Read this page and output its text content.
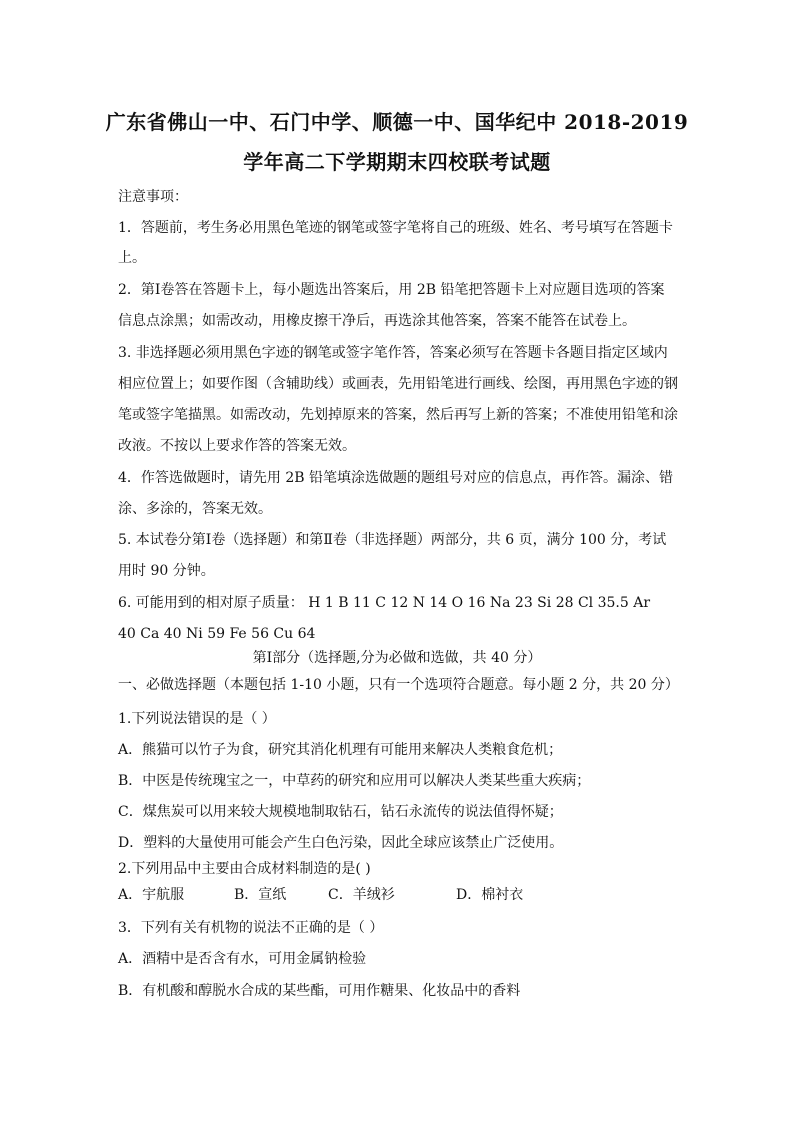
广东省佛山一中、石门中学、顺德一中、国华纪中 2018-2019
学年高二下学期期末四校联考试题
注意事项：
1．答题前，考生务必用黑色笔迹的钢笔或签字笔将自己的班级、姓名、考号填写在答题卡
上。
2．第Ⅰ卷答在答题卡上，每小题选出答案后，用 2B 铅笔把答题卡上对应题目选项的答案
信息点涂黑；如需改动，用橡皮擦干净后，再选涂其他答案，答案不能答在试卷上。
3. 非选择题必须用黑色字迹的钢笔或签字笔作答，答案必须写在答题卡各题目指定区域内
相应位置上；如要作图（含辅助线）或画表，先用铅笔进行画线、绘图，再用黑色字迹的钢
笔或签字笔描黑。如需改动，先划掉原来的答案，然后再写上新的答案；不准使用铅笔和涂
改液。不按以上要求作答的答案无效。
4．作答选做题时，请先用 2B 铅笔填涂选做题的题组号对应的信息点，再作答。漏涂、错
涂、多涂的，答案无效。
5. 本试卷分第Ⅰ卷（选择题）和第Ⅱ卷（非选择题）两部分，共 6 页，满分 100 分，考试
用时 90 分钟。
6. 可能用到的相对原子质量： H 1 B 11 C 12 N 14 O 16 Na 23 Si 28 Cl 35.5 Ar
40 Ca 40 Ni 59 Fe 56 Cu 64
第Ⅰ部分（选择题,分为必做和选做，共 40 分）
一、必做选择题（本题包括 1-10 小题，只有一个选项符合题意。每小题 2 分，共 20 分）
1.下列说法错误的是（ ）
A．熊猫可以竹子为食，研究其消化机理有可能用来解决人类粮食危机；
B．中医是传统瑰宝之一，中草药的研究和应用可以解决人类某些重大疾病；
C．煤焦炭可以用来较大规模地制取钻石，钻石永流传的说法值得怀疑；
D．塑料的大量使用可能会产生白色污染，因此全球应该禁止广泛使用。
2.下列用品中主要由合成材料制造的是( )
A．宇航服	B．宣纸	C．羊绒衫	D．棉衬衣
3．下列有关有机物的说法不正确的是（ ）
A．酒精中是否含有水，可用金属钠检验
B．有机酸和醇脱水合成的某些酯，可用作糖果、化妆品中的香料
